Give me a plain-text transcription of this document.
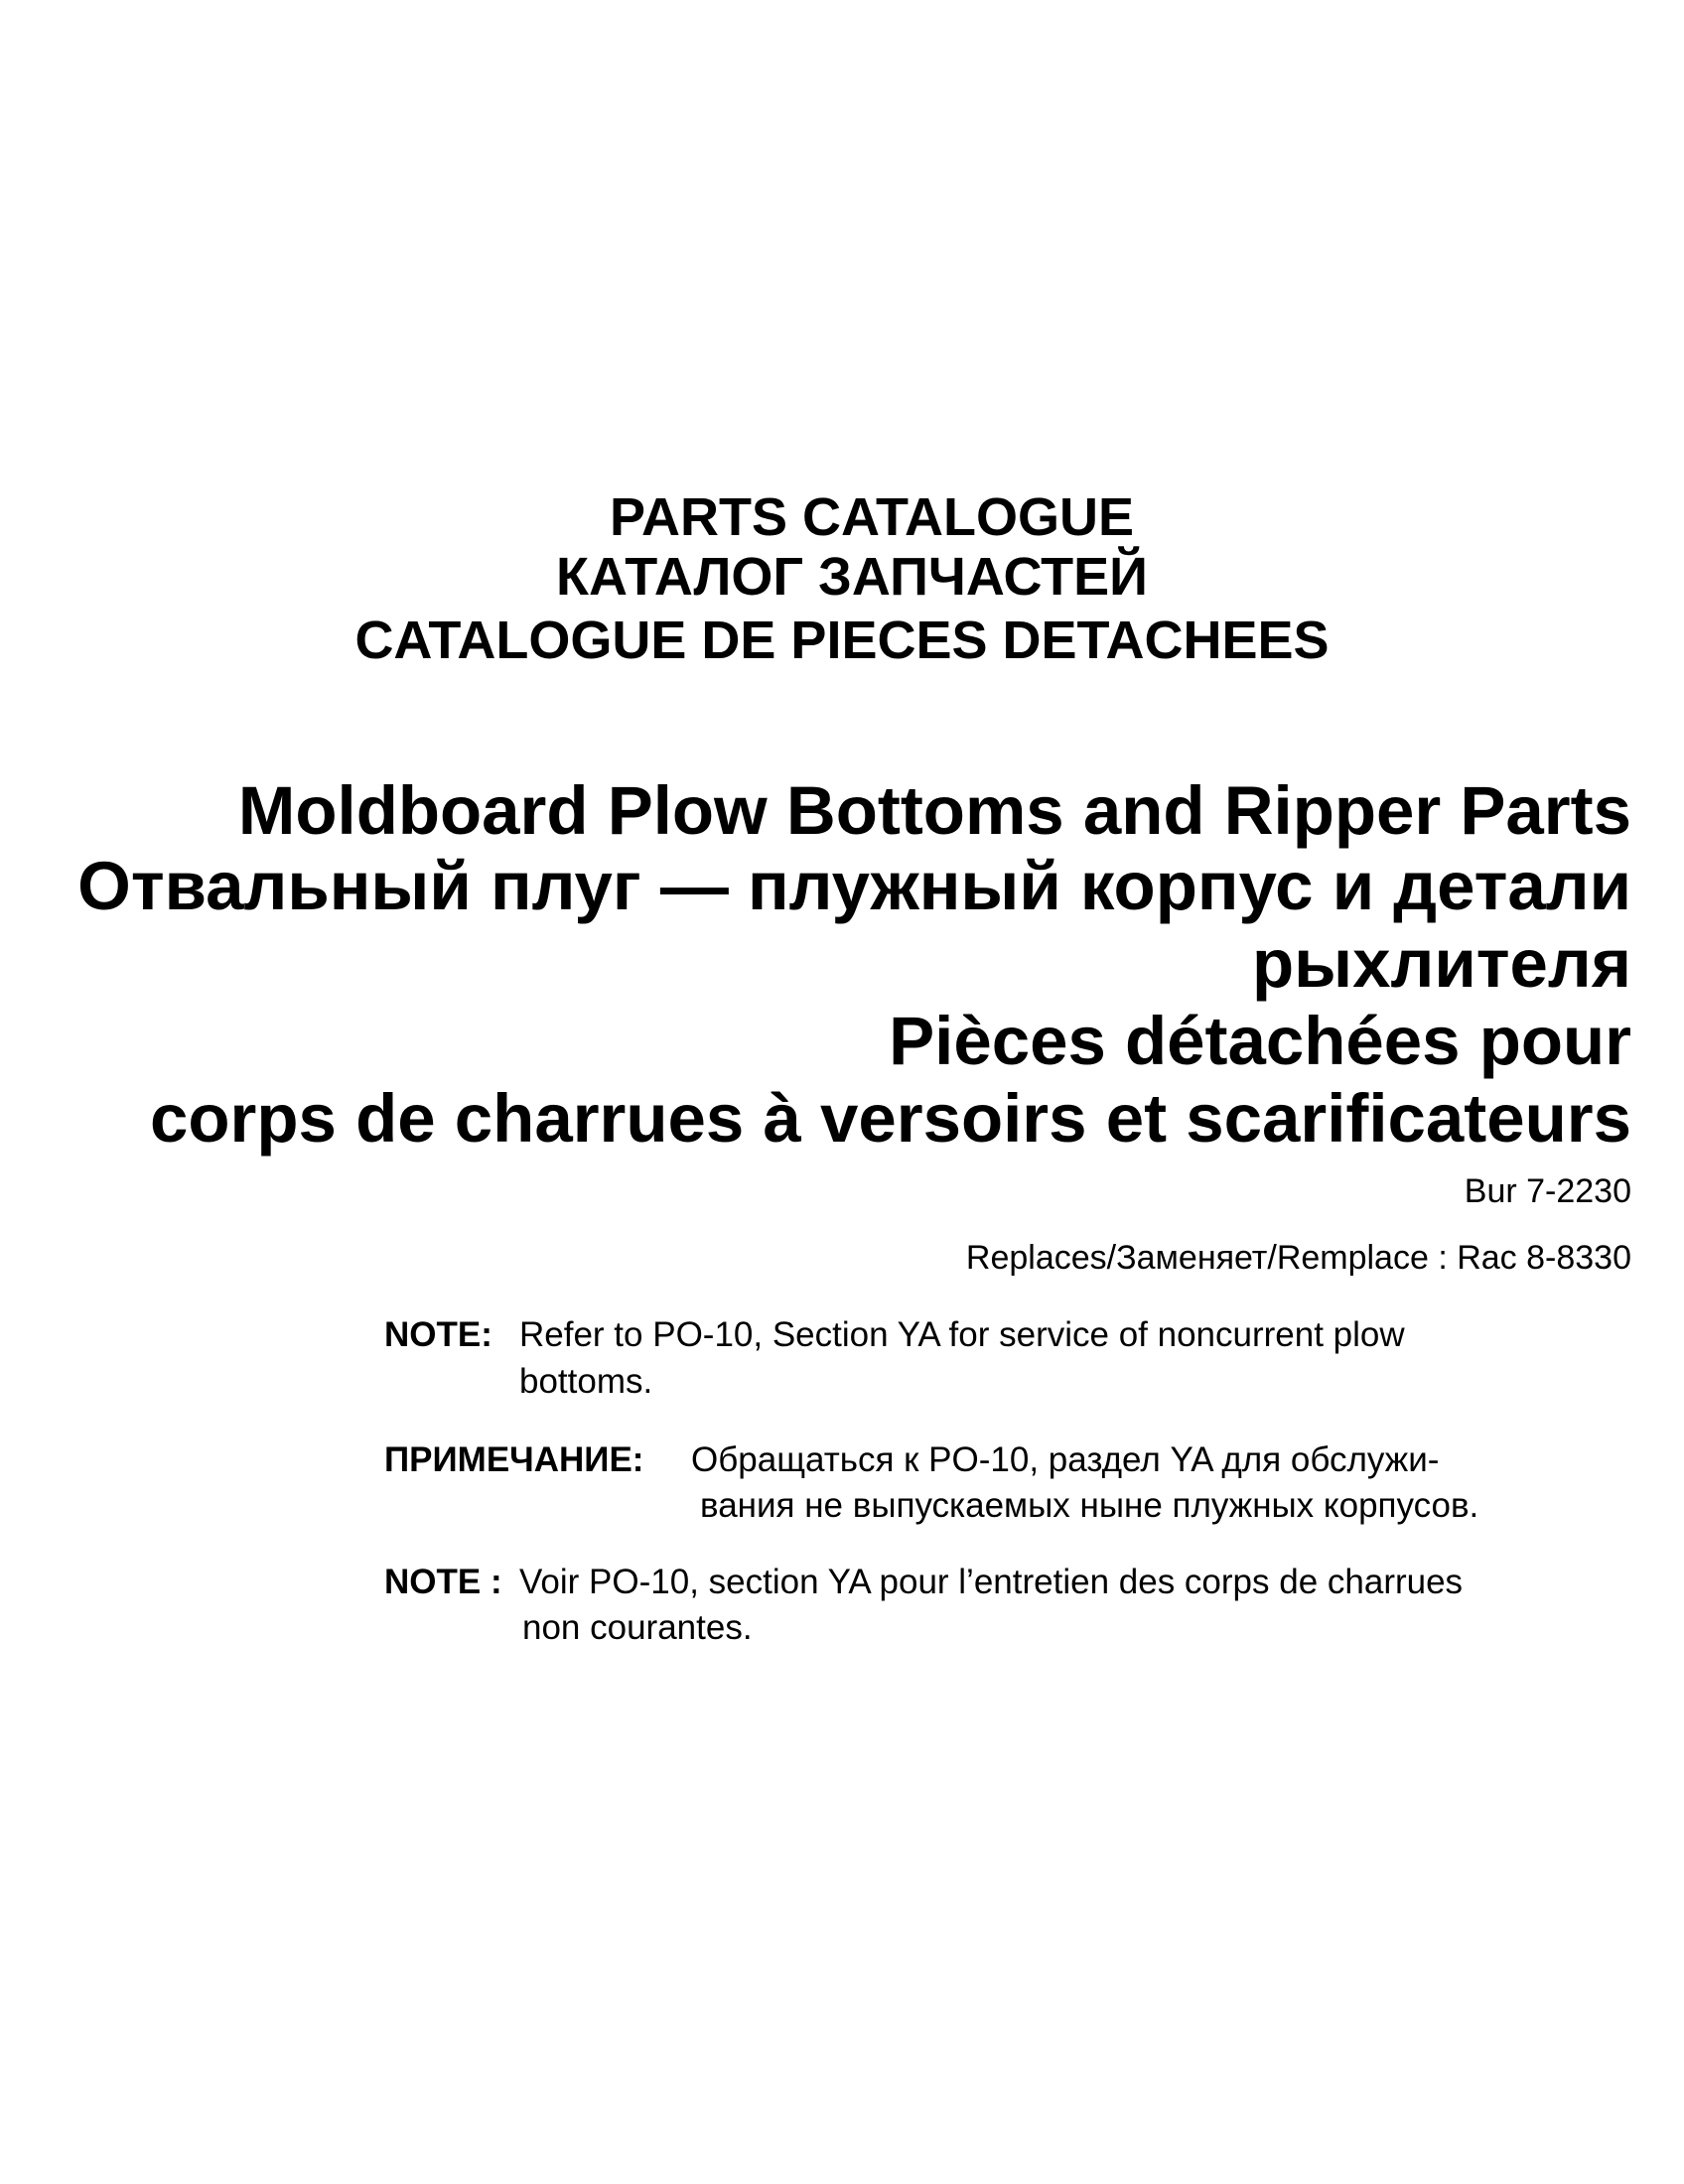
PARTS CATALOGUE
КАТАЛОГ ЗАПЧАСТЕЙ
CATALOGUE DE PIECES DETACHEES
Moldboard Plow Bottoms and Ripper Parts
Отвальный плуг — плужный корпус и детали
рыхлителя
Pièces détachées pour
corps de charrues à versoirs et scarificateurs
Bur 7-2230
Replaces/Заменяет/Remplace : Rac 8-8330
NOTE: Refer to PO-10, Section YA for service of noncurrent plow
bottoms.
ПРИМЕЧАНИЕ: Обращаться к PO-10, раздел YA для обслужи-
вания не выпускаемых ныне плужных корпусов.
NOTE : Voir PO-10, section YA pour l’entretien des corps de charrues
non courantes.
